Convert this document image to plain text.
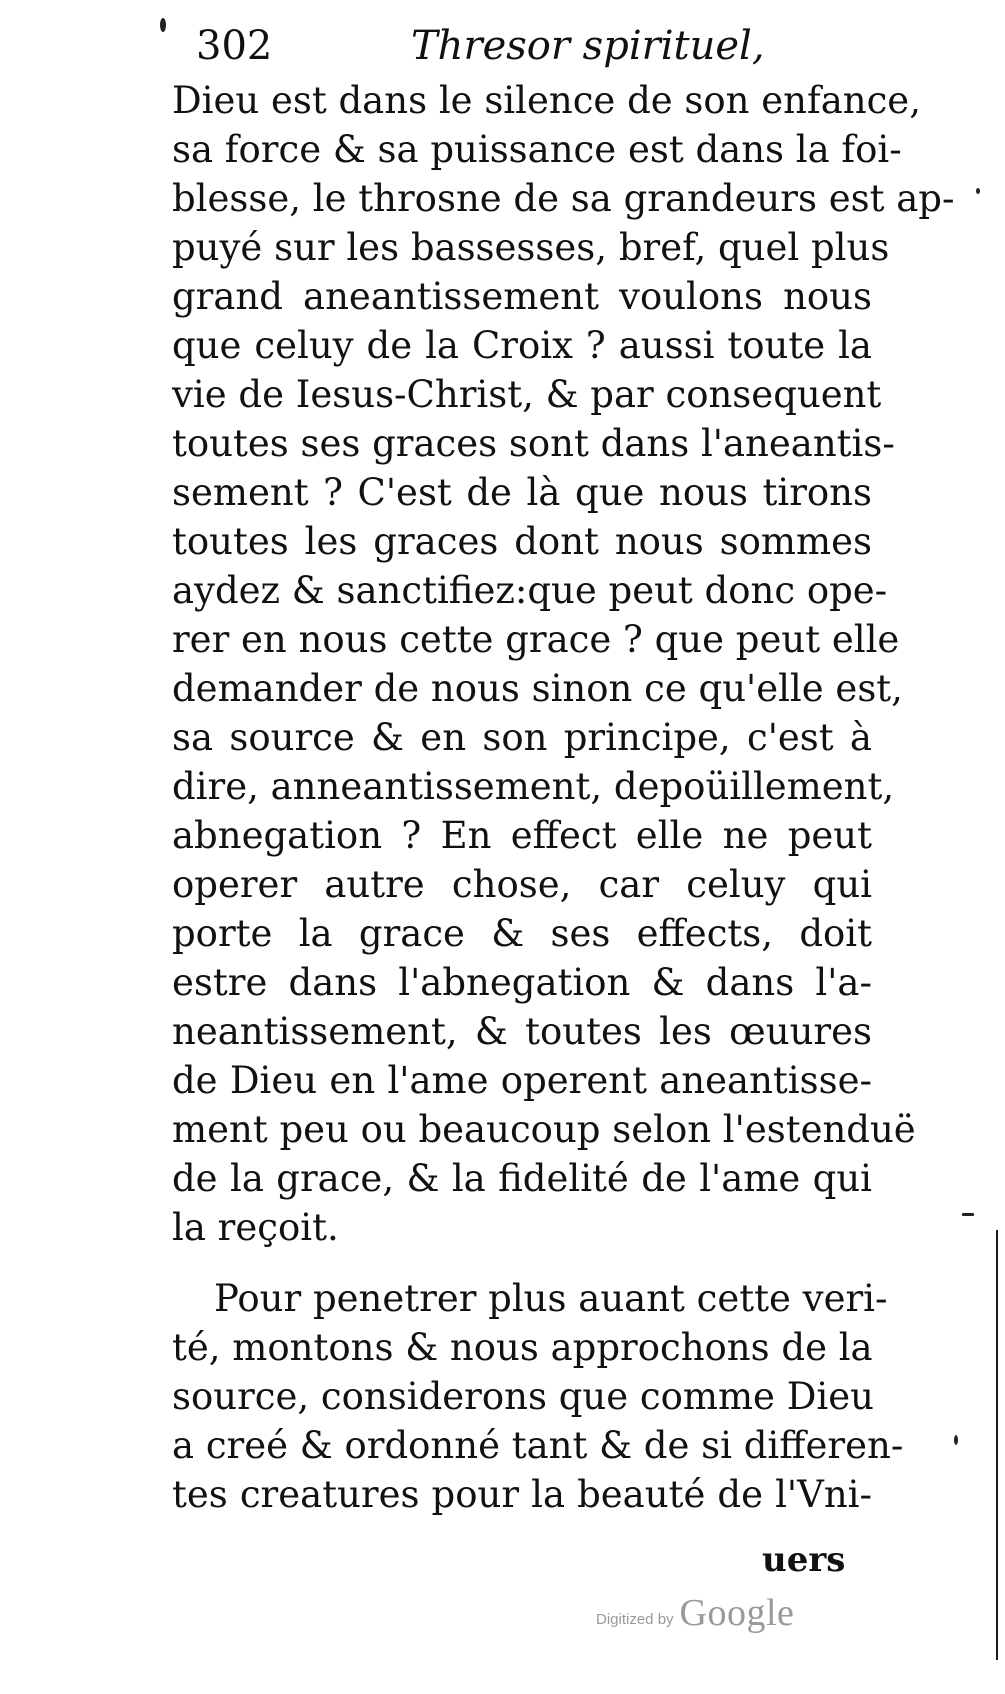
302	Thresor spirituel,
Dieu est dans le silence de son enfance,
sa force & sa puissance est dans la foi-
blesse, le throsne de sa grandeurs est ap-
puyé sur les bassesses, bref, quel plus
grand aneantissement voulons nous
que celuy de la Croix ? aussi toute la
vie de Iesus-Christ, & par consequent
toutes ses graces sont dans l'aneantis-
sement ? C'est de là que nous tirons
toutes les graces dont nous sommes
aydez & sanctifiez:que peut donc ope-
rer en nous cette grace ? que peut elle
demander de nous sinon ce qu'elle est,
sa source & en son principe, c'est à
dire, anneantissement, depoüillement,
abnegation ? En effect elle ne peut
operer autre chose, car celuy qui
porte la grace & ses effects, doit
estre dans l'abnegation & dans l'a-
neantissement, & toutes les œuures
de Dieu en l'ame operent aneantisse-
ment peu ou beaucoup selon l'estenduë
de la grace, & la fidelité de l'ame qui
la reçoit.
Pour penetrer plus auant cette veri-
té, montons & nous approchons de la
source, considerons que comme Dieu
a creé & ordonné tant & de si differen-
tes creatures pour la beauté de l'Vni-
uers
Digitized by Google
